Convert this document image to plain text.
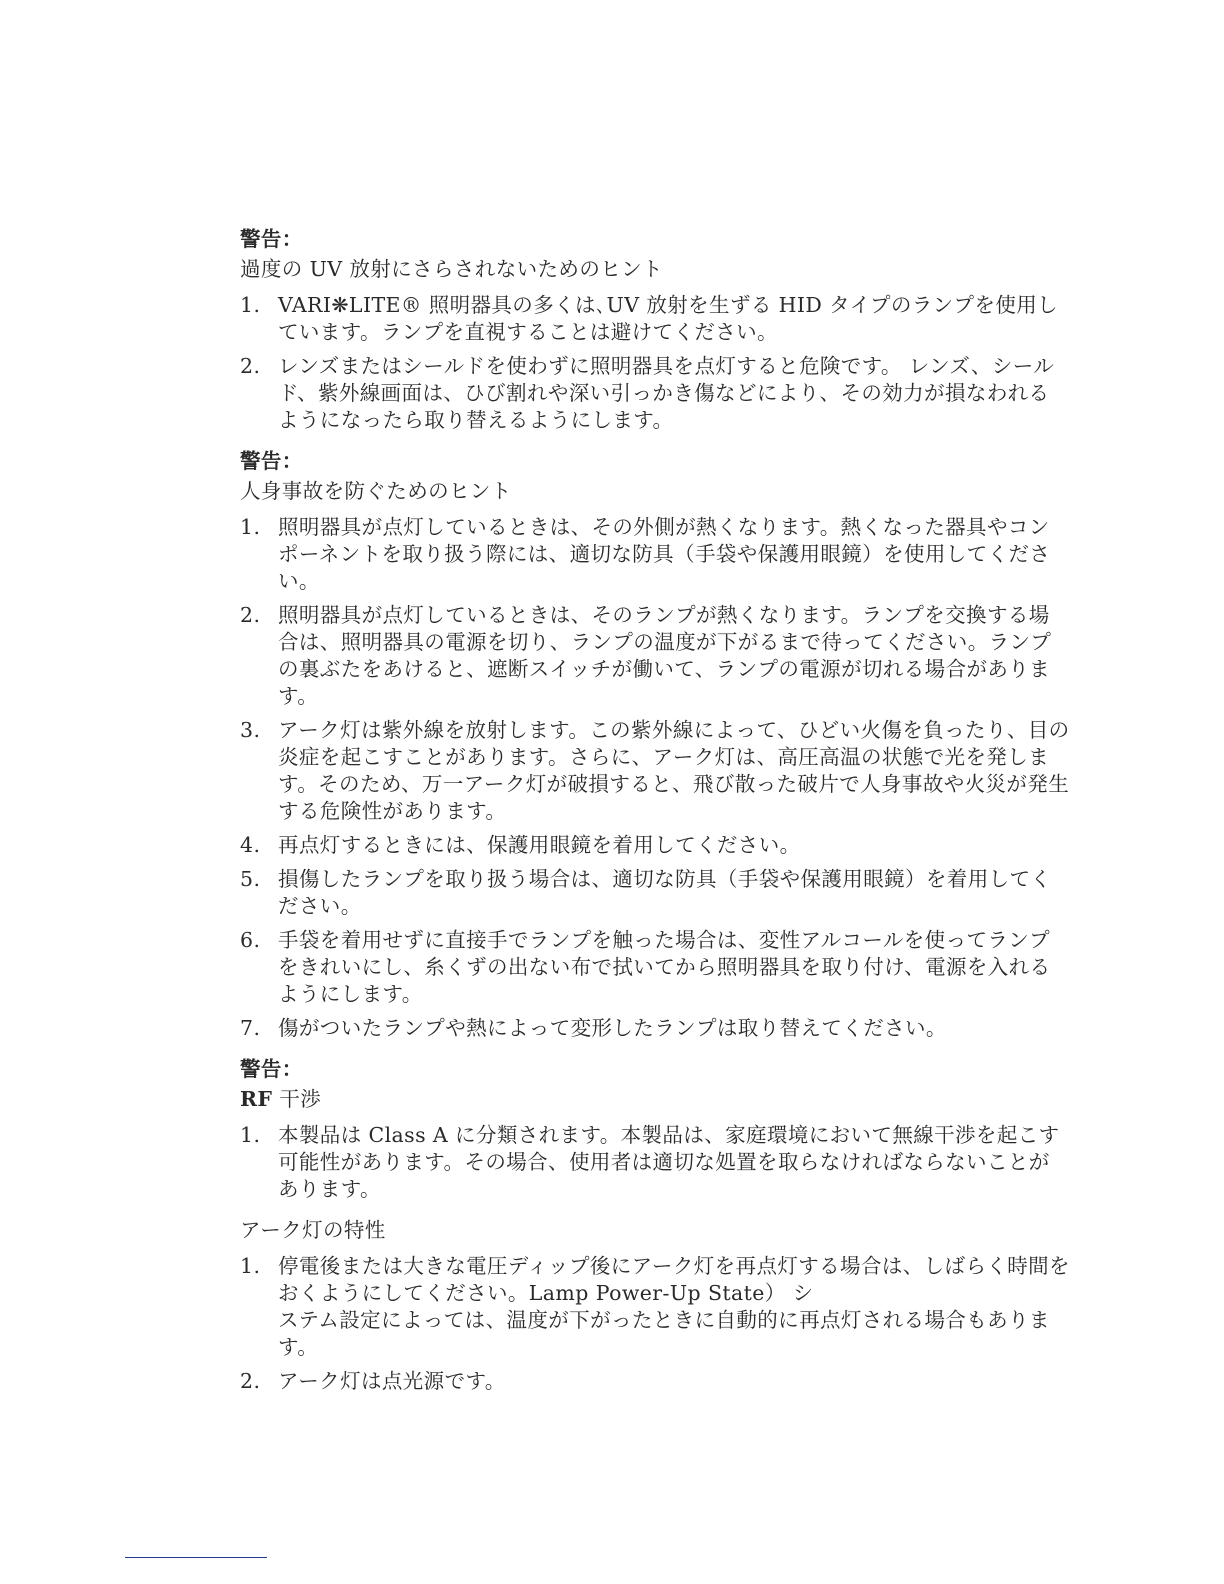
警告：

過度の UV 放射にさらされないためのヒント

1. VARI❋LITE® 照明器具の多くは､UV 放射を生ずる HID タイプのランプを使用しています。ランプを直視することは避けてください。
2. レンズまたはシールドを使わずに照明器具を点灯すると危険です。 レンズ、シールド、紫外線画面は、ひび割れや深い引っかき傷などにより、その効力が損なわれるようになったら取り替えるようにします。

警告：

人身事故を防ぐためのヒント

1. 照明器具が点灯しているときは、その外側が熱くなります。熱くなった器具やコンポーネントを取り扱う際には、適切な防具（手袋や保護用眼鏡）を使用してください。
2. 照明器具が点灯しているときは、そのランプが熱くなります。ランプを交換する場合は、照明器具の電源を切り、ランプの温度が下がるまで待ってください。ランプの裏ぶたをあけると、遮断スイッチが働いて、ランプの電源が切れる場合があります。
3. アーク灯は紫外線を放射します。この紫外線によって、ひどい火傷を負ったり、目の炎症を起こすことがあります。さらに、アーク灯は、高圧高温の状態で光を発します。そのため、万一アーク灯が破損すると、飛び散った破片で人身事故や火災が発生する危険性があります。
4. 再点灯するときには、保護用眼鏡を着用してください。
5. 損傷したランプを取り扱う場合は、適切な防具（手袋や保護用眼鏡）を着用してください。
6. 手袋を着用せずに直接手でランプを触った場合は、変性アルコールを使ってランプをきれいにし、糸くずの出ない布で拭いてから照明器具を取り付け、電源を入れるようにします。
7. 傷がついたランプや熱によって変形したランプは取り替えてください。

警告：

RF 干渉

1. 本製品は Class A に分類されます。本製品は、家庭環境において無線干渉を起こす可能性があります。その場合、使用者は適切な処置を取らなければならないことがあります。

アーク灯の特性

1. 停電後または大きな電圧ディップ後にアーク灯を再点灯する場合は、しばらく時間をおくようにしてください。Lamp Power-Up State） シ
ステム設定によっては、温度が下がったときに自動的に再点灯される場合もあります。
2. アーク灯は点光源です。
